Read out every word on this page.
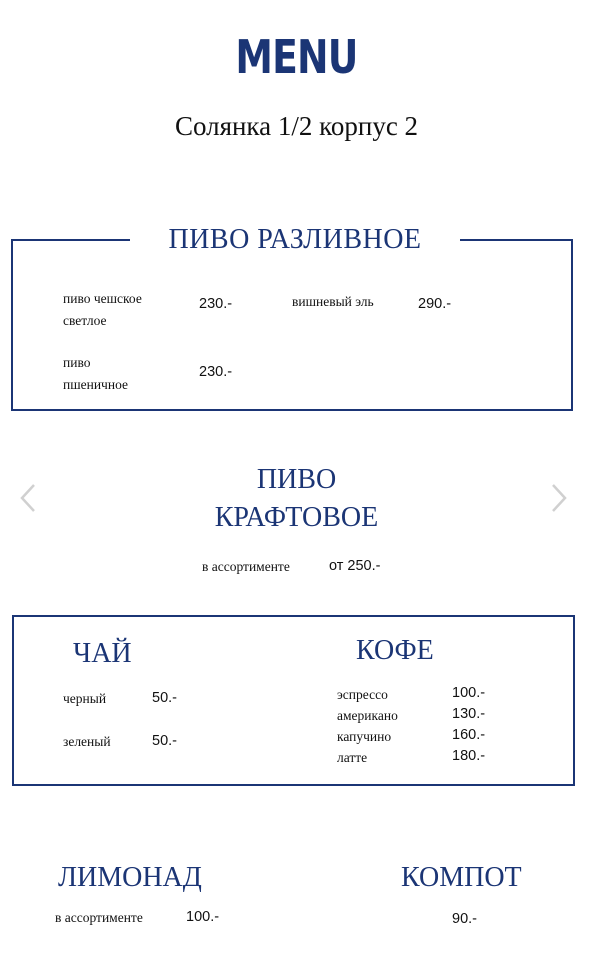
MENU
Солянка 1/2 корпус 2
ПИВО РАЗЛИВНОЕ
пиво чешское
светлое
230.-	вишневый эль	290.-
пиво
пшеничное
230.-
ПИВО
КРАФТОВОЕ
в ассортименте	от 250.-
ЧАЙ
черный	50.-
зеленый	50.-
КОФЕ
эспрессо	100.-
американо	130.-
капучино	160.-
латте	180.-
ЛИМОНАД
в ассортименте	100.-
КОМПОТ
90.-
